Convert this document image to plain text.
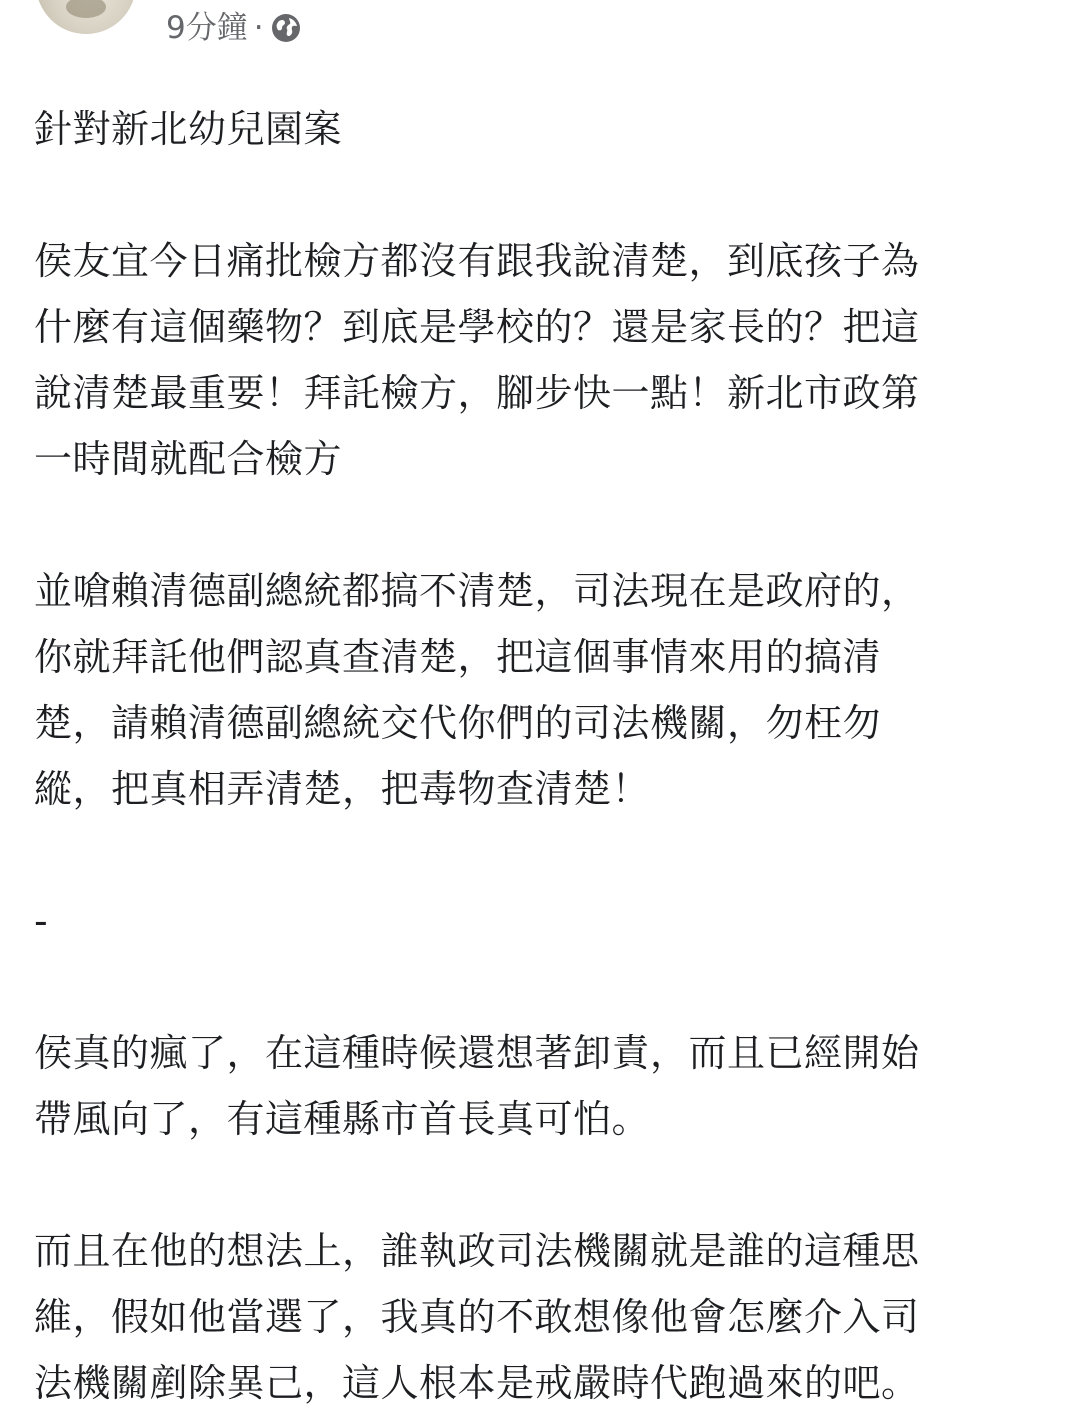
9分鐘 ·

針對新北幼兒園案

侯友宜今日痛批檢方都沒有跟我說清楚，到底孩子為
什麼有這個藥物？到底是學校的？還是家長的？把這
說清楚最重要！拜託檢方，腳步快一點！新北市政第
一時間就配合檢方

並嗆賴清德副總統都搞不清楚，司法現在是政府的，
你就拜託他們認真查清楚，把這個事情來用的搞清
楚，請賴清德副總統交代你們的司法機關，勿枉勿
縱，把真相弄清楚，把毒物查清楚！

-

侯真的瘋了，在這種時候還想著卸責，而且已經開始
帶風向了，有這種縣市首長真可怕。

而且在他的想法上，誰執政司法機關就是誰的這種思
維，假如他當選了，我真的不敢想像他會怎麼介入司
法機關剷除異己，這人根本是戒嚴時代跑過來的吧。
